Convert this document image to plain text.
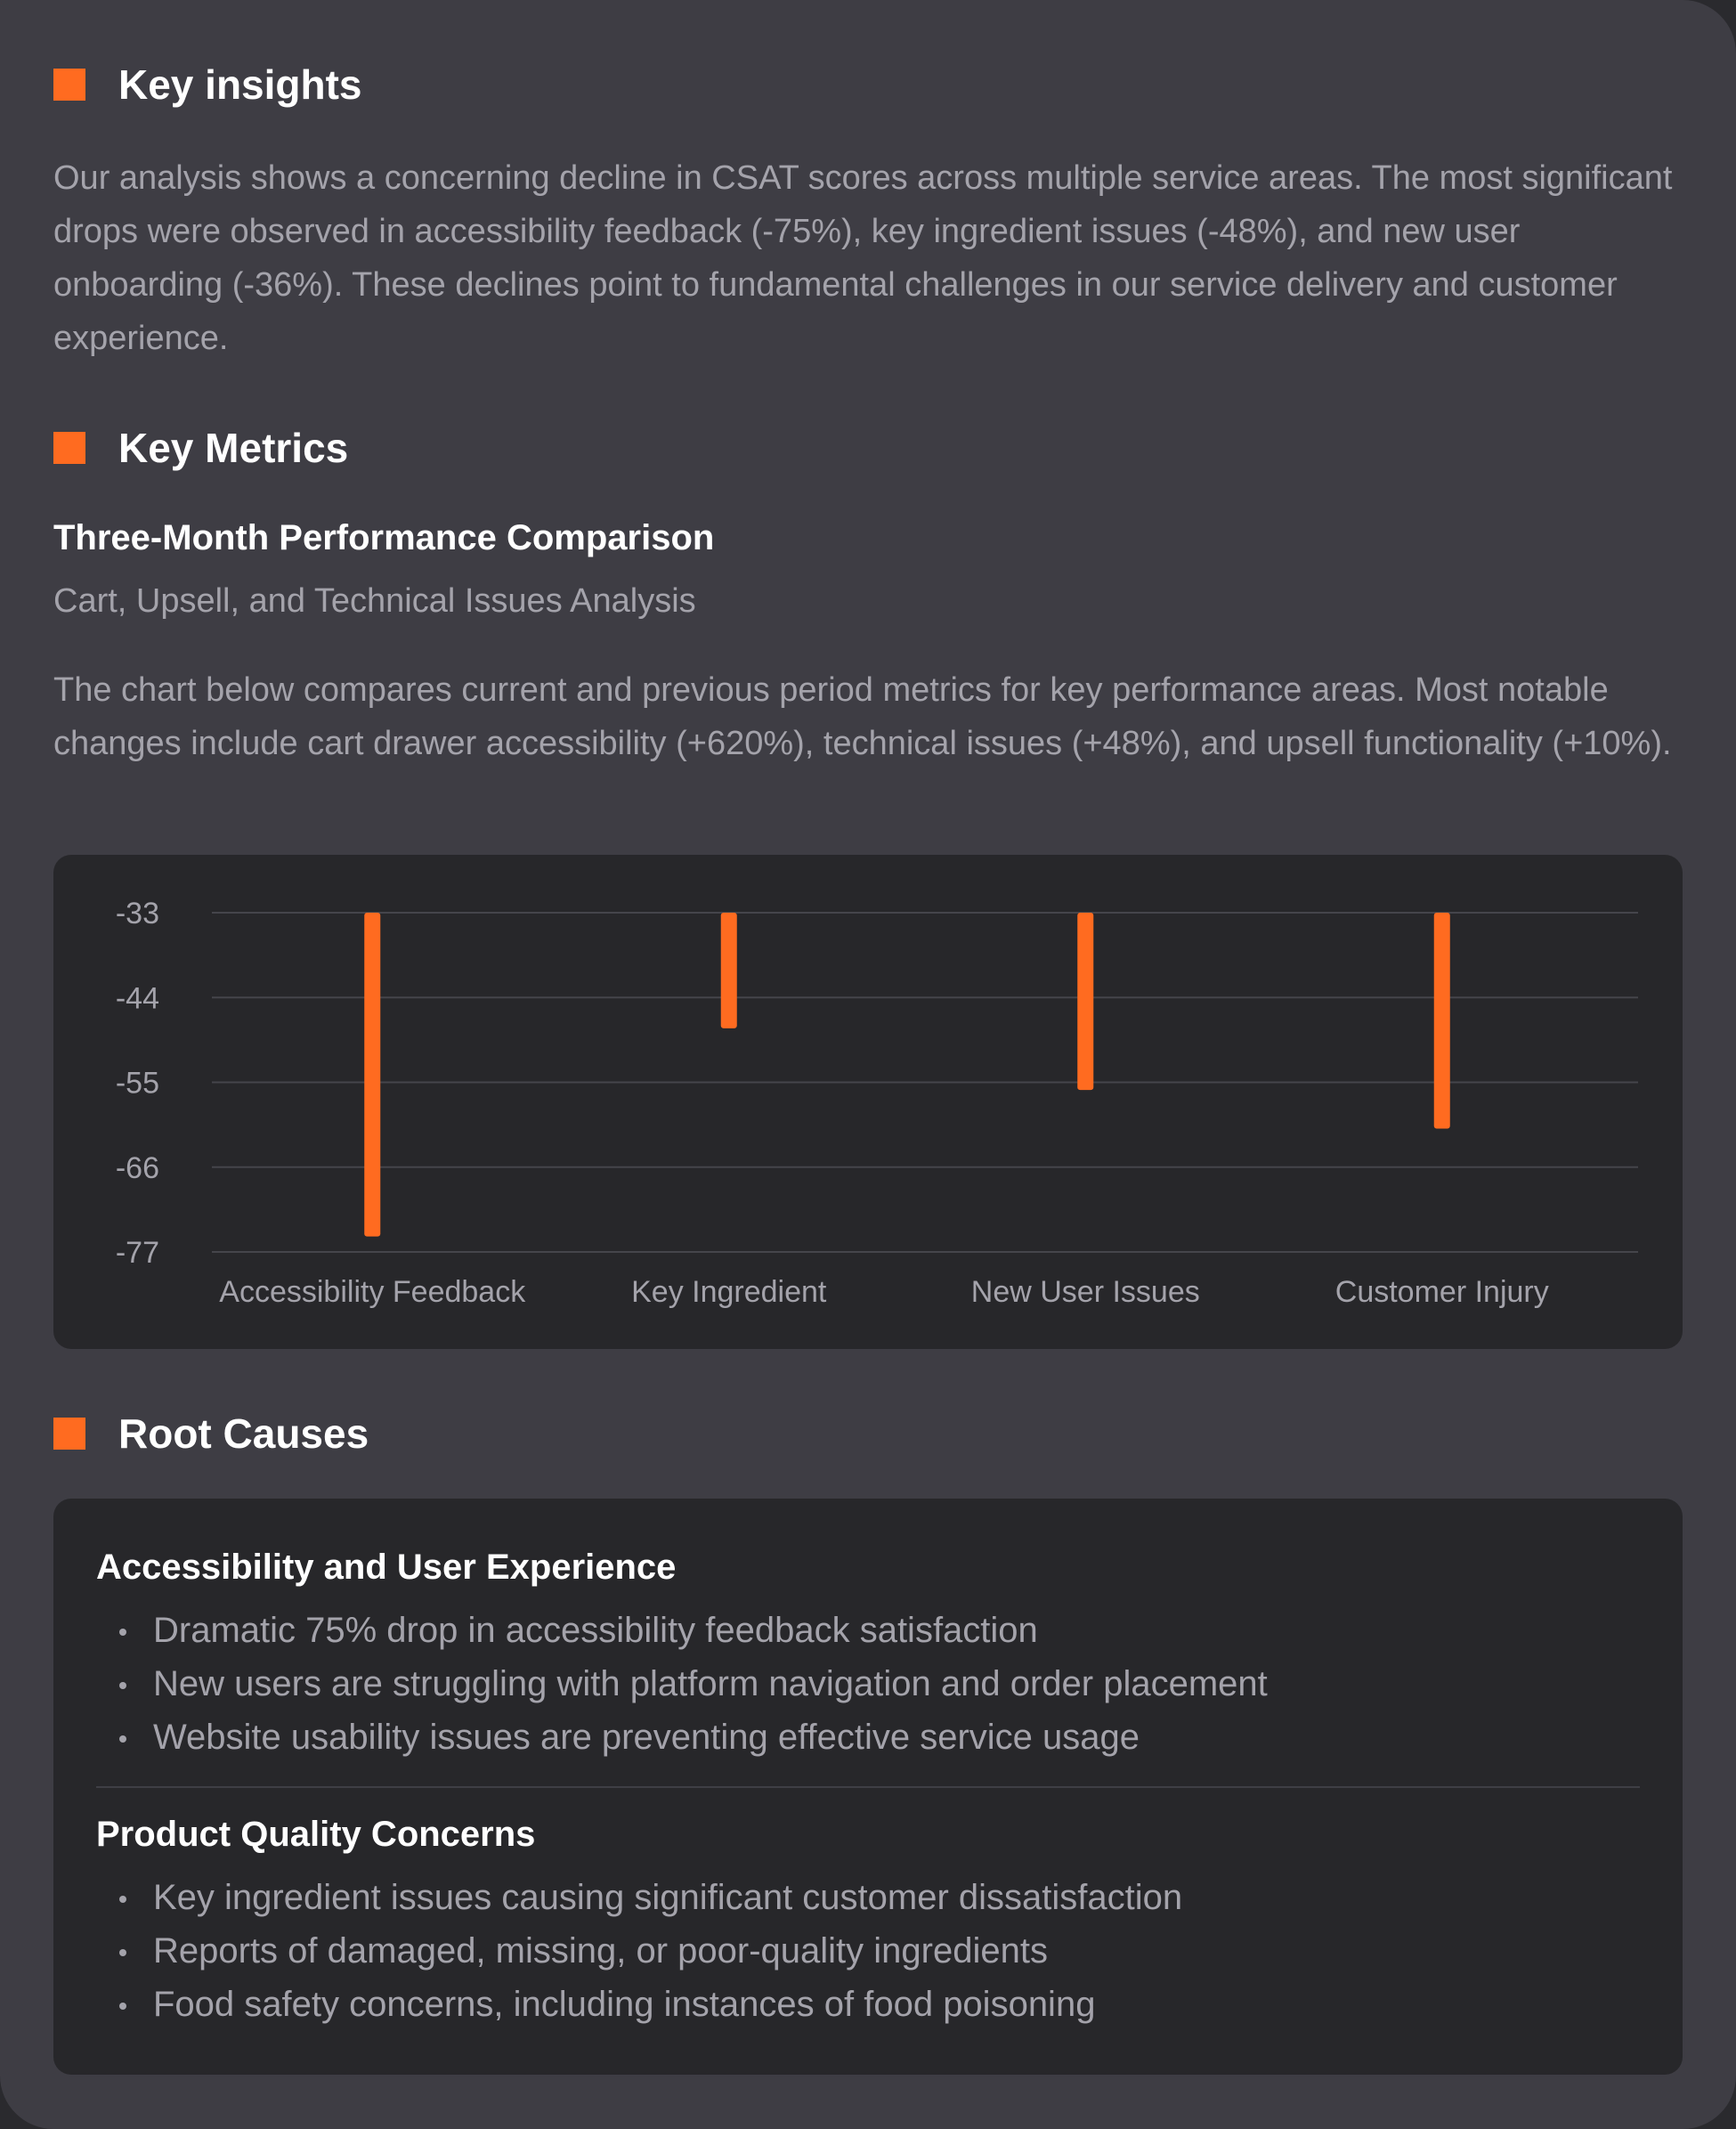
Key insights
Our analysis shows a concerning decline in CSAT scores across multiple service areas. The most significant drops were observed in accessibility feedback (-75%), key ingredient issues (-48%), and new user onboarding (-36%). These declines point to fundamental challenges in our service delivery and customer experience.
Key Metrics
Three-Month Performance Comparison
Cart, Upsell, and Technical Issues Analysis
The chart below compares current and previous period metrics for key performance areas. Most notable changes include cart drawer accessibility (+620%), technical issues (+48%), and upsell functionality (+10%).
-33
-44
-55
-66
-77
Accessibility Feedback	Key Ingredient	New User Issues	Customer Injury
Root Causes
Accessibility and User Experience
Dramatic 75% drop in accessibility feedback satisfaction
New users are struggling with platform navigation and order placement
Website usability issues are preventing effective service usage
Product Quality Concerns
Key ingredient issues causing significant customer dissatisfaction
Reports of damaged, missing, or poor-quality ingredients
Food safety concerns, including instances of food poisoning
